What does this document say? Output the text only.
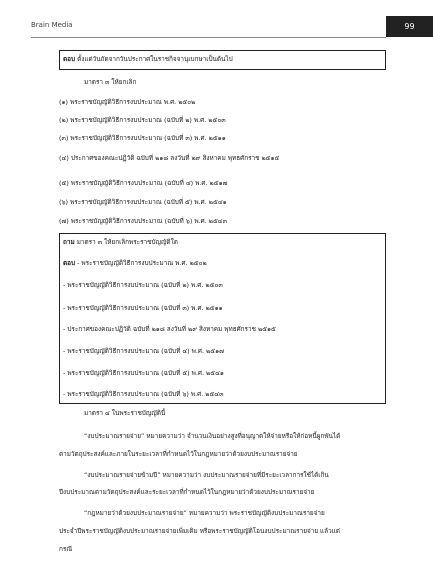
Brain Media	99
ตอบ ตั้งแต่วันถัดจากวันประกาศในราชกิจจานุเบกษาเป็นต้นไป
มาตรา ๓ ให้ยกเลิก
(๑) พระราชบัญญัติวิธีการงบประมาณ พ.ศ. ๒๕๐๒
(๒) พระราชบัญญัติวิธีการงบประมาณ (ฉบับที่ ๒) พ.ศ. ๒๕๐๓
(๓) พระราชบัญญัติวิธีการงบประมาณ (ฉบับที่ ๓) พ.ศ. ๒๕๑๑
(๔) ประกาศของคณะปฏิวัติ ฉบับที่ ๒๑๘ ลงวันที่ ๒๙ สิงหาคม พุทธศักราช ๒๕๑๕
(๕) พระราชบัญญัติวิธีการงบประมาณ (ฉบับที่ ๔) พ.ศ. ๒๕๑๗
(๖) พระราชบัญญัติวิธีการงบประมาณ (ฉบับที่ ๕) พ.ศ. ๒๕๔๑
(๗) พระราชบัญญัติวิธีการงบประมาณ (ฉบับที่ ๖) พ.ศ. ๒๕๔๓
ถาม มาตรา ๓ ให้ยกเลิกพระราชบัญญัติใด
ตอบ - พระราชบัญญัติวิธีการงบประมาณ พ.ศ. ๒๕๐๒
- พระราชบัญญัติวิธีการงบประมาณ (ฉบับที่ ๒) พ.ศ. ๒๕๐๓
- พระราชบัญญัติวิธีการงบประมาณ (ฉบับที่ ๓) พ.ศ. ๒๕๑๑
- ประกาศของคณะปฏิวัติ ฉบับที่ ๒๑๘ ลงวันที่ ๒๙ สิงหาคม พุทธศักราช ๒๕๑๕
- พระราชบัญญัติวิธีการงบประมาณ (ฉบับที่ ๔) พ.ศ. ๒๕๑๗
- พระราชบัญญัติวิธีการงบประมาณ (ฉบับที่ ๕) พ.ศ. ๒๕๔๑
- พระราชบัญญัติวิธีการงบประมาณ (ฉบับที่ ๖) พ.ศ. ๒๕๔๓
มาตรา ๔ ในพระราชบัญญัตินี้
“งบประมาณรายจ่าย” หมายความว่า จำนวนเงินอย่างสูงที่อนุญาตให้จ่ายหรือให้ก่อหนี้ผูกพันได้
ตามวัตถุประสงค์และภายในระยะเวลาที่กำหนดไว้ในกฎหมายว่าด้วยงบประมาณรายจ่าย
“งบประมาณรายจ่ายข้ามปี” หมายความว่า งบประมาณรายจ่ายที่มีระยะเวลาการใช้ได้เกิน
ปีงบประมาณตามวัตถุประสงค์และระยะเวลาที่กำหนดไว้ในกฎหมายว่าด้วยงบประมาณรายจ่าย
“กฎหมายว่าด้วยงบประมาณรายจ่าย” หมายความว่า พระราชบัญญัติงบประมาณรายจ่าย
ประจำปีพระราชบัญญัติงบประมาณรายจ่ายเพิ่มเติม หรือพระราชบัญญัติโอนงบประมาณรายจ่าย แล้วแต่
กรณี
